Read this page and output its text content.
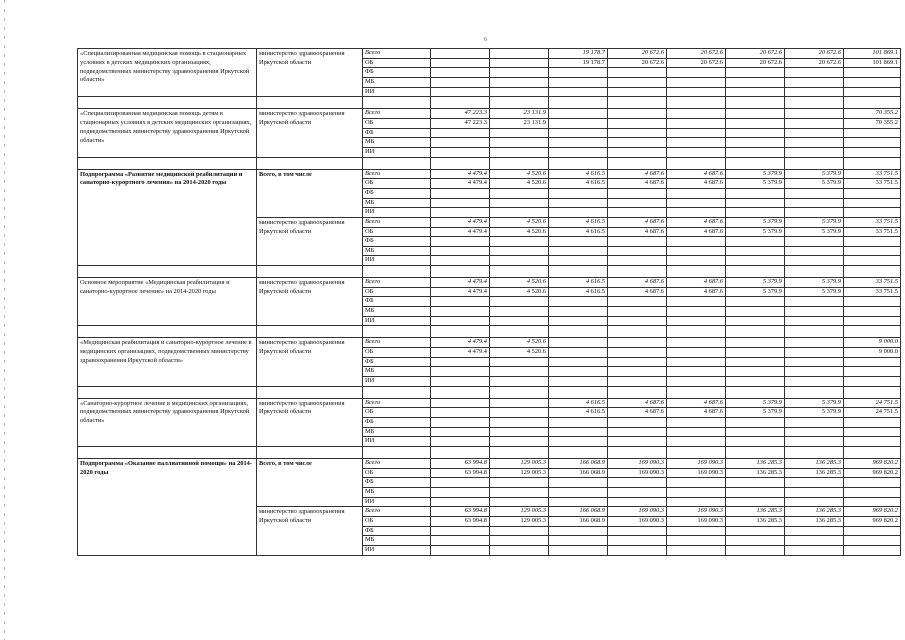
6
«Специализированная медицинская помощь в стационарных условиях в детских медицинских организациях, подведомственных министерству здравоохранения Иркутской области»	министерство здравоохранения Иркутской области	Всего			19 178.7	20 672.6	20 672.6	20 672.6	20 672.6	101 869.1
		ОБ			19 178.7	20 672.6	20 672.6	20 672.6	20 672.6	101 869.1
		ФБ								
		МБ								
		ИИ								

«Специализированная медицинская помощь детям в стационарных условиях в детских медицинских организациях, подведомственных министерству здравоохранения Иркутской области»	министерство здравоохранения Иркутской области	Всего	47 223.3	23 131.9						70 355.2
		ОБ	47 223.3	23 131.9						70 355.2
		ФБ								
		МБ								
		ИИ								

Подпрограмма «Развитие медицинской реабилитации и санаторно-курортного лечения» на 2014-2020 годы	Всего, в том числе	Всего	4 479.4	4 520.6	4 616.5	4 687.6	4 687.6	5 379.9	5 379.9	33 751.5
		ОБ	4 479.4	4 520.6	4 616.5	4 687.6	4 687.6	5 379.9	5 379.9	33 751.5
		ФБ								
		МБ								
		ИИ								
	министерство здравоохранения Иркутской области	Всего	4 479.4	4 520.6	4 616.5	4 687.6	4 687.6	5 379.9	5 379.9	33 751.5
		ОБ	4 479.4	4 520.6	4 616.5	4 687.6	4 687.6	5 379.9	5 379.9	33 751.5
		ФБ								
		МБ								
		ИИ								

Основное мероприятие «Медицинская реабилитация и санаторно-курортное лечение» на 2014-2020 годы	министерство здравоохранения Иркутской области	Всего	4 479.4	4 520.6	4 616.5	4 687.6	4 687.6	5 379.9	5 379.9	33 751.5
		ОБ	4 479.4	4 520.6	4 616.5	4 687.6	4 687.6	5 379.9	5 379.9	33 751.5
		ФБ								
		МБ								
		ИИ								

«Медицинская реабилитация и санаторно-курортное лечение в медицинских организациях, подведомственных министерству здравоохранения Иркутской области»	министерство здравоохранения Иркутской области	Всего	4 479.4	4 520.6						9 000.0
		ОБ	4 479.4	4 520.6						9 000.0
		ФБ								
		МБ								
		ИИ								

«Санаторно-курортное лечение в медицинских организациях, подведомственных министерству здравоохранения Иркутской области»	министерство здравоохранения Иркутской области	Всего			4 616.5	4 687.6	4 687.6	5 379.9	5 379.9	24 751.5
		ОБ			4 616.5	4 687.6	4 687.6	5 379.9	5 379.9	24 751.5
		ФБ								
		МБ								
		ИИ								

Подпрограмма «Оказание паллиативной помощи» на 2014-2020 годы	Всего, в том числе	Всего	63 994.8	129 005.3	166 068.9	169 090.3	169 090.3	136 285.3	136 285.3	969 820.2
		ОБ	63 994.8	129 005.3	166 068.9	169 090.3	169 090.3	136 285.3	136 285.3	969 820.2
		ФБ								
		МБ								
		ИИ								
	министерство здравоохранения Иркутской области	Всего	63 994.8	129 005.3	166 068.9	169 090.3	169 090.3	136 285.3	136 285.3	969 820.2
		ОБ	63 994.8	129 005.3	166 068.9	169 090.3	169 090.3	136 285.3	136 285.3	969 820.2
		ФБ								
		МБ								
		ИИ								
